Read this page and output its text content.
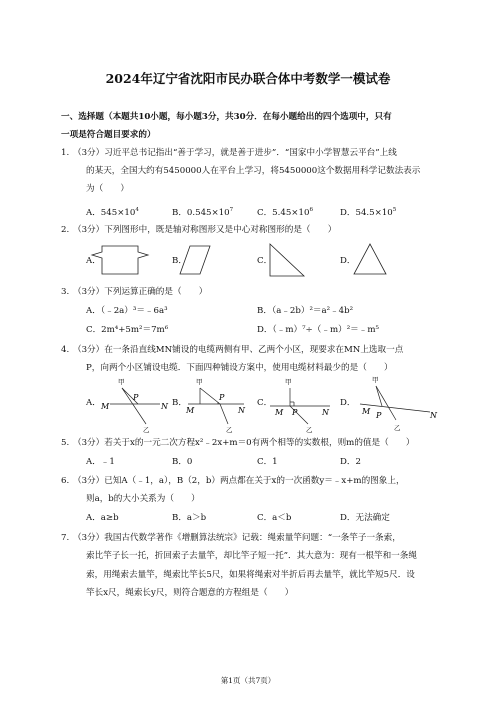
2024年辽宁省沈阳市民办联合体中考数学一模试卷
一、选择题（本题共10小题，每小题3分，共30分．在每小题给出的四个选项中，只有
一项是符合题目要求的）
1. （3分）习近平总书记指出“善于学习，就是善于进步”．“国家中小学智慧云平台”上线
的某天，全国大约有5450000人在平台上学习，将5450000这个数据用科学记数法表示
为（　　）
A．$545\times 10^4$	B．$0.545\times 10^7$	C．$5.45\times 10^6$	D．$54.5\times 10^5$
2. （3分）下列图形中，既是轴对称图形又是中心对称图形的是（　　）
A．	B．	C．	D．
3. （3分）下列运算正确的是（　　）
A．（﹣2a）³＝﹣6a³	B．（a﹣2b）²＝a²﹣4b²
C．2m⁴+5m²＝7m⁶	D．（﹣m）⁷÷（﹣m）²＝﹣m⁵
4. （3分）在一条沿直线MN铺设的电缆两侧有甲、乙两个小区，现要求在MN上选取一点
P，向两个小区铺设电缆．下面四种铺设方案中，使用电缆材料最少的是（　　）
A．	B．	C．	D．
甲
乙
M	N
P
甲
乙
M	N
P
甲
乙
M	N
P
甲
乙
M	N
P
5. （3分）若关于x的一元二次方程x²﹣2x+m＝0有两个相等的实数根，则m的值是（　　）
A．﹣1	B．0	C．1	D．2
6. （3分）已知A（﹣1，a），B（2，b）两点都在关于x的一次函数y＝﹣x+m的图象上，
则a，b的大小关系为（　　）
A．a≥b	B．a＞b	C．a＜b	D．无法确定
7. （3分）我国古代数学著作《增删算法统宗》记载：绳索量竿问题：“一条竿子一条索，
索比竿子长一托，折回索子去量竿，却比竿子短一托”．其大意为：现有一根竿和一条绳
索，用绳索去量竿，绳索比竿长5尺，如果将绳索对半折后再去量竿，就比竿短5尺．设
竿长x尺，绳索长y尺，则符合题意的方程组是（　　）
第1页（共7页）
